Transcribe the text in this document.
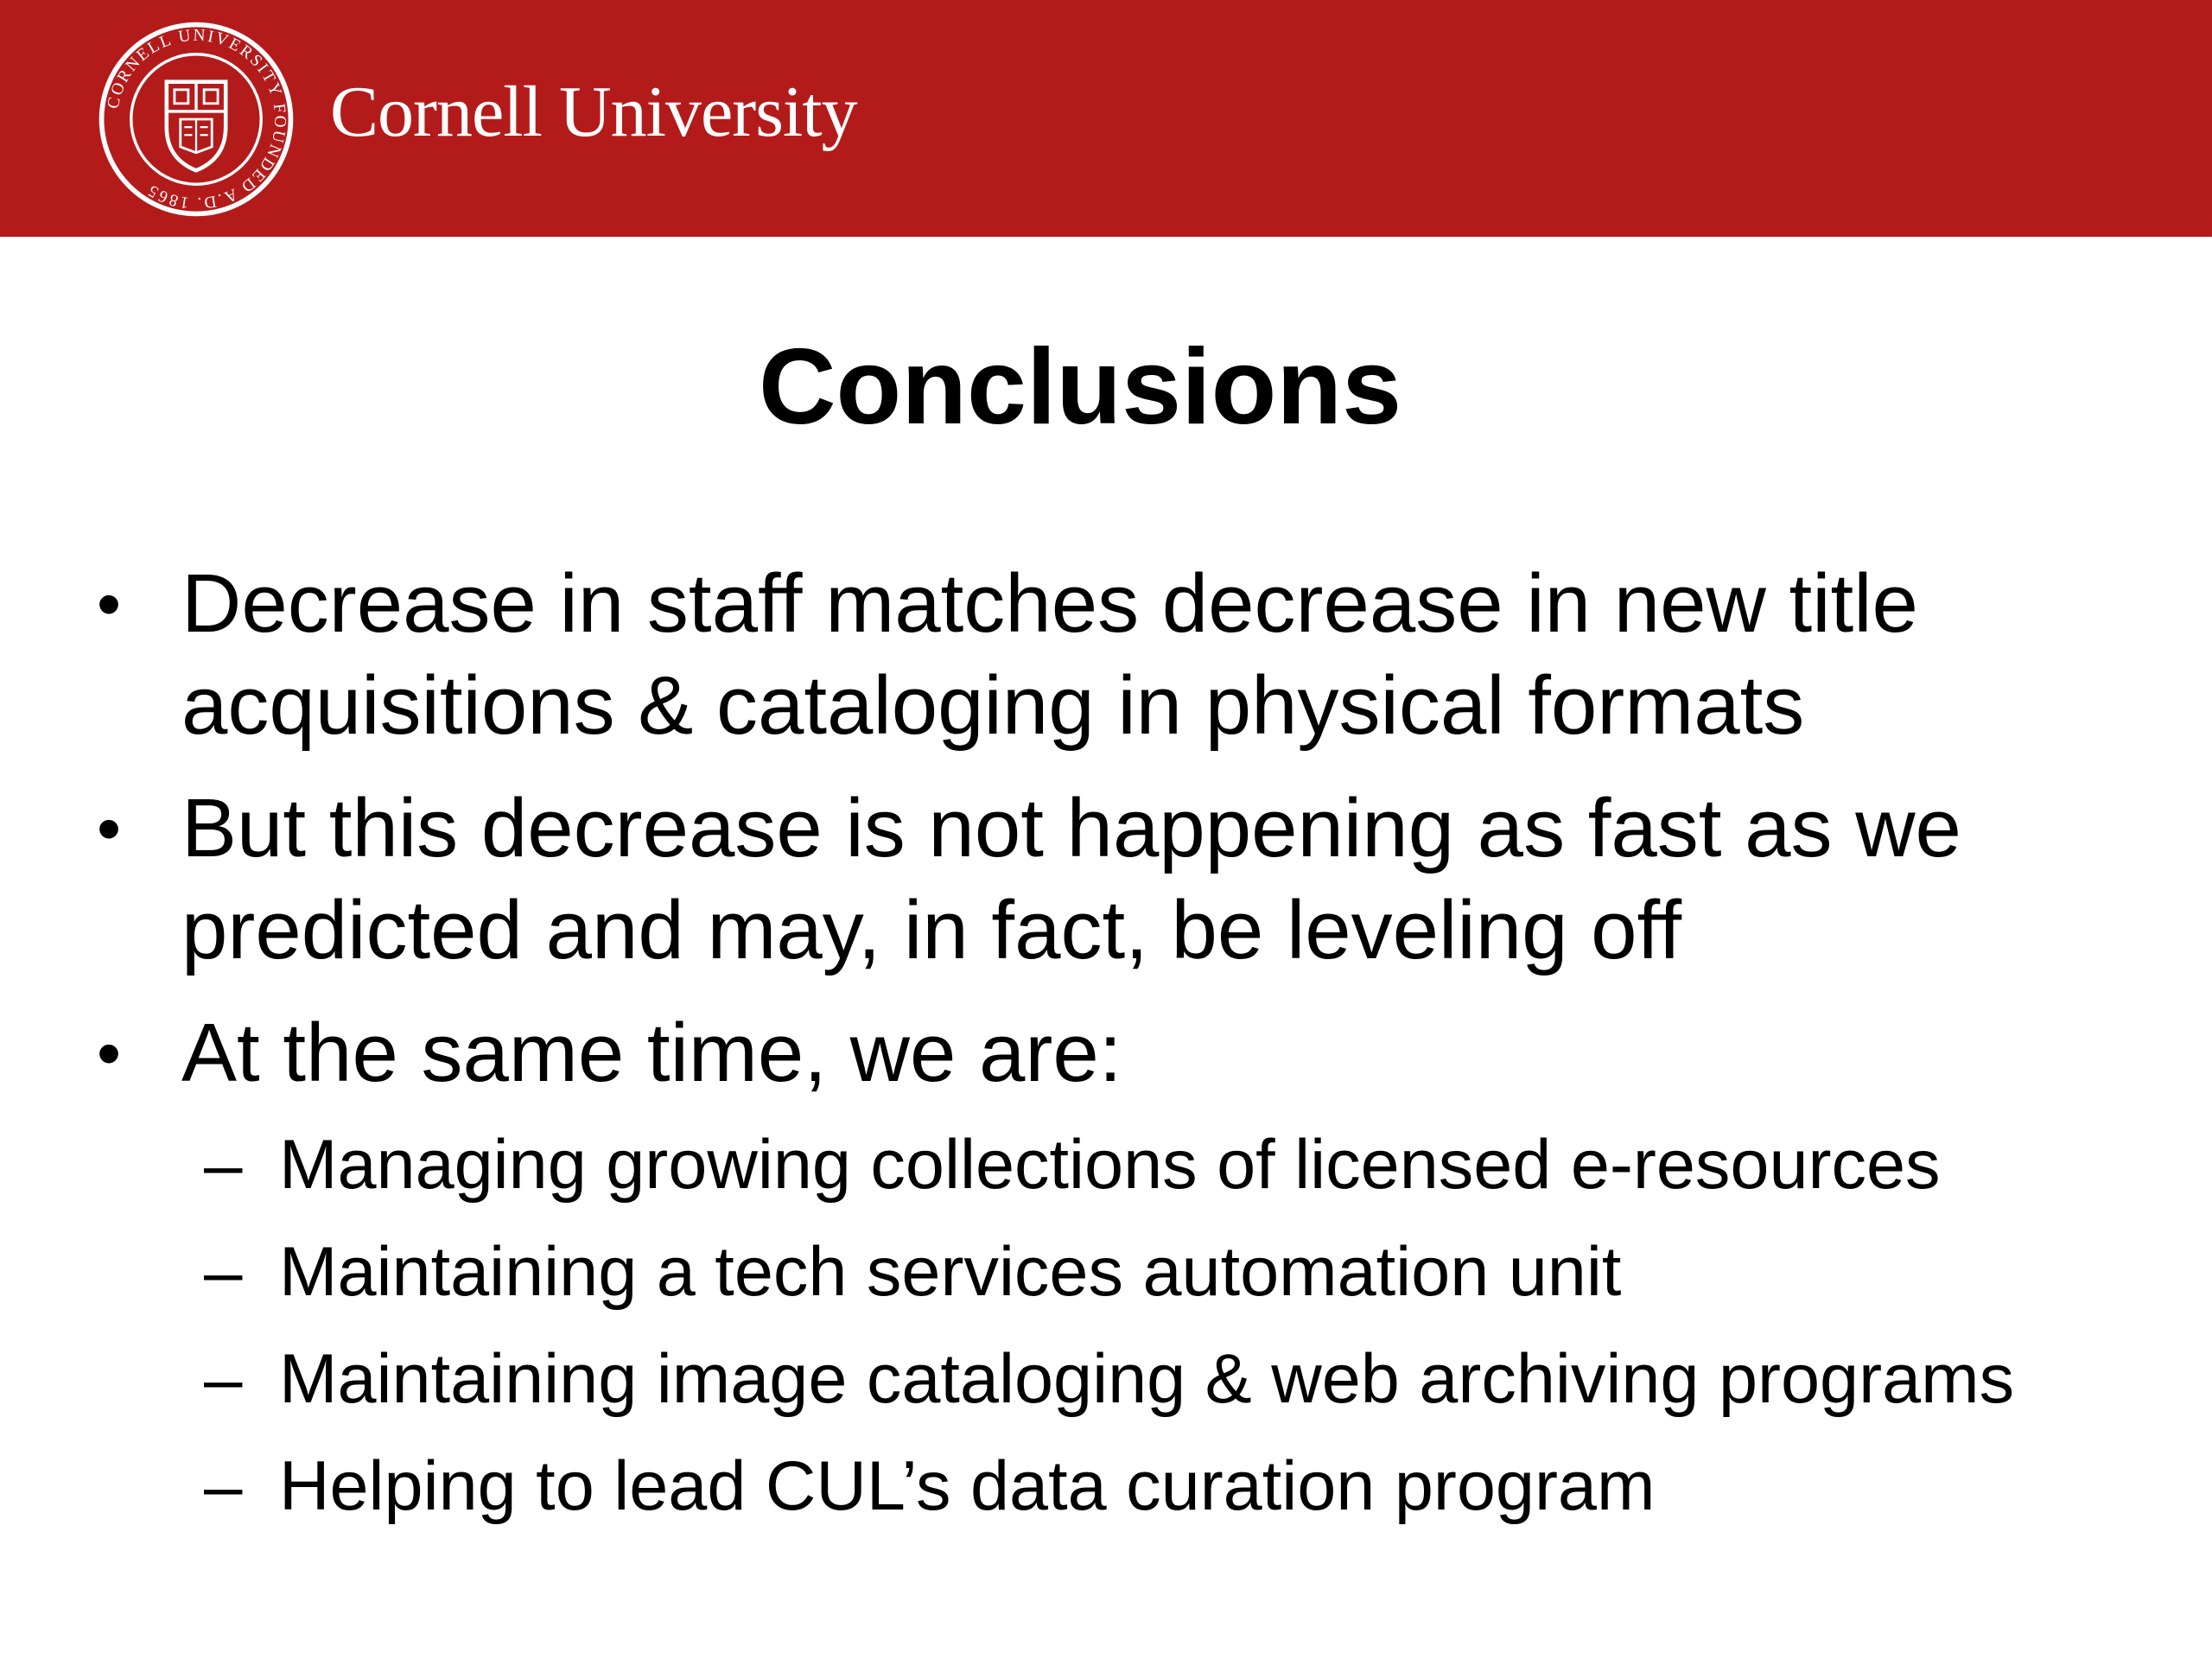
CORNELL UNIVERSITY FOUNDED A.D. 1865
Cornell University
Conclusions
• Decrease in staff matches decrease in new title
acquisitions & cataloging in physical formats
• But this decrease is not happening as fast as we
predicted and may, in fact, be leveling off
• At the same time, we are:
– Managing growing collections of licensed e-resources
– Maintaining a tech services automation unit
– Maintaining image cataloging & web archiving programs
– Helping to lead CUL’s data curation program
